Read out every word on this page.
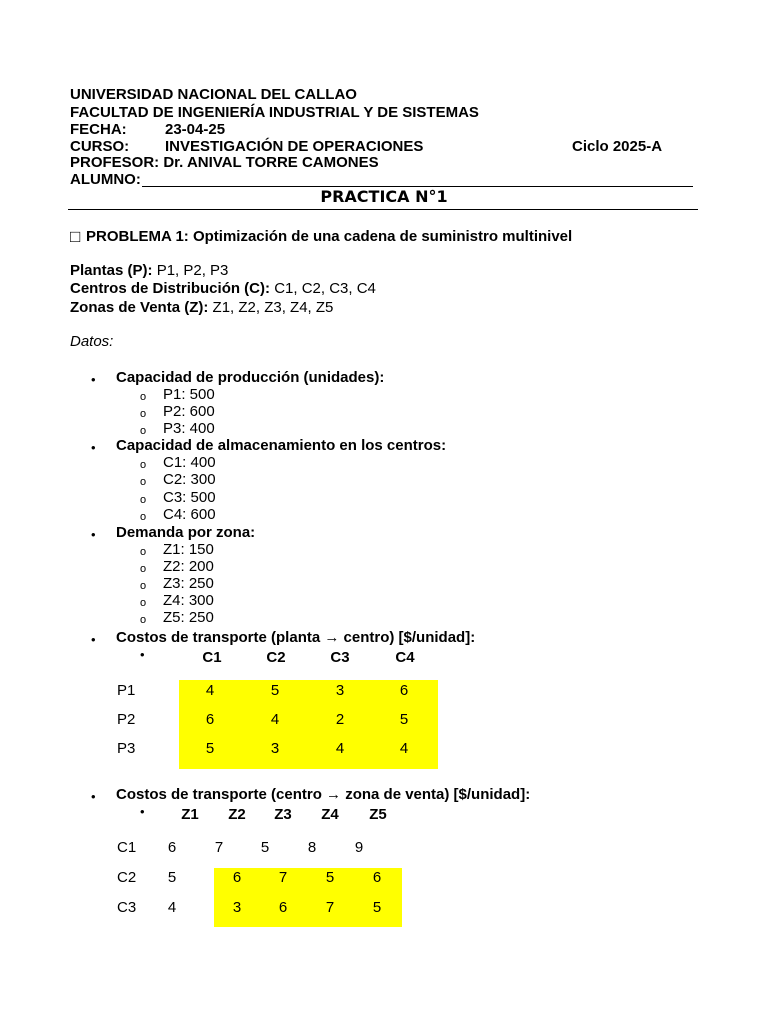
UNIVERSIDAD NACIONAL DEL CALLAO
FACULTAD DE INGENIERÍA INDUSTRIAL Y DE SISTEMAS
FECHA:	23-04-25
CURSO: INVESTIGACIÓN DE OPERACIONES	Ciclo 2025-A
PROFESOR: Dr. ANIVAL TORRE CAMONES
ALUMNO:
PRACTICA N°1
□ PROBLEMA 1: Optimización de una cadena de suministro multinivel
Plantas (P): P1, P2, P3
Centros de Distribución (C): C1, C2, C3, C4
Zonas de Venta (Z): Z1, Z2, Z3, Z4, Z5
Datos:
• Capacidad de producción (unidades):
o P1: 500
o P2: 600
o P3: 400
• Capacidad de almacenamiento en los centros:
o C1: 400
o C2: 300
o C3: 500
o C4: 600
• Demanda por zona:
o Z1: 150
o Z2: 200
o Z3: 250
o Z4: 300
o Z5: 250
• Costos de transporte (planta → centro) [$/unidad]:
•	C1	C2	C3	C4
P1	4	5	3	6
P2	6	4	2	5
P3	5	3	4	4
• Costos de transporte (centro → zona de venta) [$/unidad]:
•	Z1	Z2	Z3	Z4	Z5
C1	6	7	5	8	9
C2	5	6	7	5	6
C3	4	3	6	7	5
